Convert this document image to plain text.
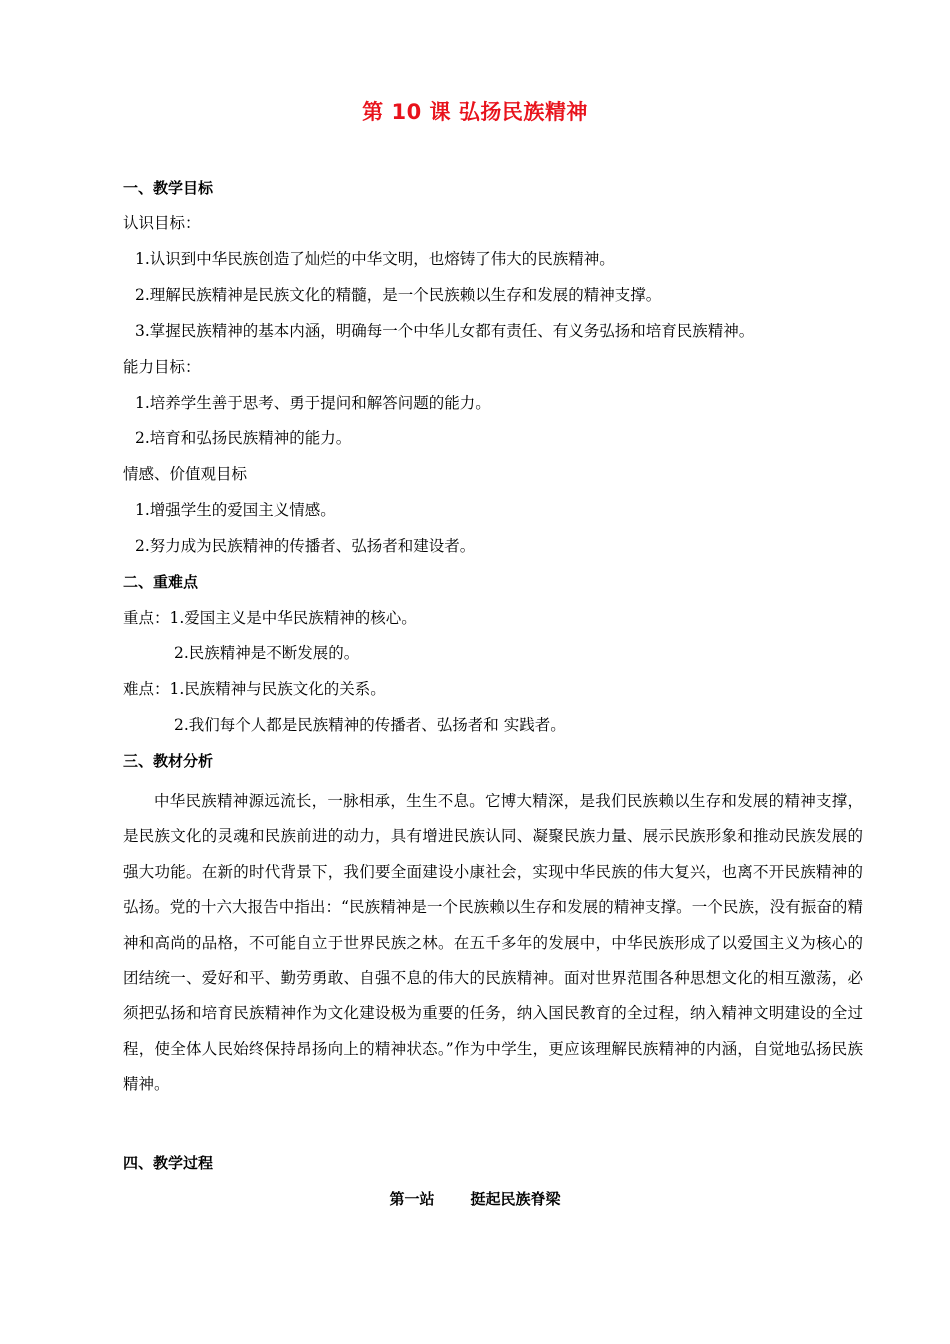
第 10 课 弘扬民族精神
一、教学目标
认识目标：
1.认识到中华民族创造了灿烂的中华文明，也熔铸了伟大的民族精神。
2.理解民族精神是民族文化的精髓，是一个民族赖以生存和发展的精神支撑。
3.掌握民族精神的基本内涵，明确每一个中华儿女都有责任、有义务弘扬和培育民族精神。
能力目标：
1.培养学生善于思考、勇于提问和解答问题的能力。
2.培育和弘扬民族精神的能力。
情感、价值观目标
1.增强学生的爱国主义情感。
2.努力成为民族精神的传播者、弘扬者和建设者。
二、重难点
重点：1.爱国主义是中华民族精神的核心。
2.民族精神是不断发展的。
难点：1.民族精神与民族文化的关系。
2.我们每个人都是民族精神的传播者、弘扬者和 实践者。
三、教材分析

中华民族精神源远流长，一脉相承，生生不息。它博大精深，是我们民族赖以生存和发展的精神支撑，是民族文化的灵魂和民族前进的动力，具有增进民族认同、凝聚民族力量、展示民族形象和推动民族发展的强大功能。在新的时代背景下，我们要全面建设小康社会，实现中华民族的伟大复兴，也离不开民族精神的弘扬。党的十六大报告中指出：“民族精神是一个民族赖以生存和发展的精神支撑。一个民族，没有振奋的精神和高尚的品格，不可能自立于世界民族之林。在五千多年的发展中，中华民族形成了以爱国主义为核心的团结统一、爱好和平、勤劳勇敢、自强不息的伟大的民族精神。面对世界范围各种思想文化的相互激荡，必须把弘扬和培育民族精神作为文化建设极为重要的任务，纳入国民教育的全过程，纳入精神文明建设的全过程，使全体人民始终保持昂扬向上的精神状态。”作为中学生，更应该理解民族精神的内涵，自觉地弘扬民族精神。

四、教学过程
第一站 挺起民族脊梁
